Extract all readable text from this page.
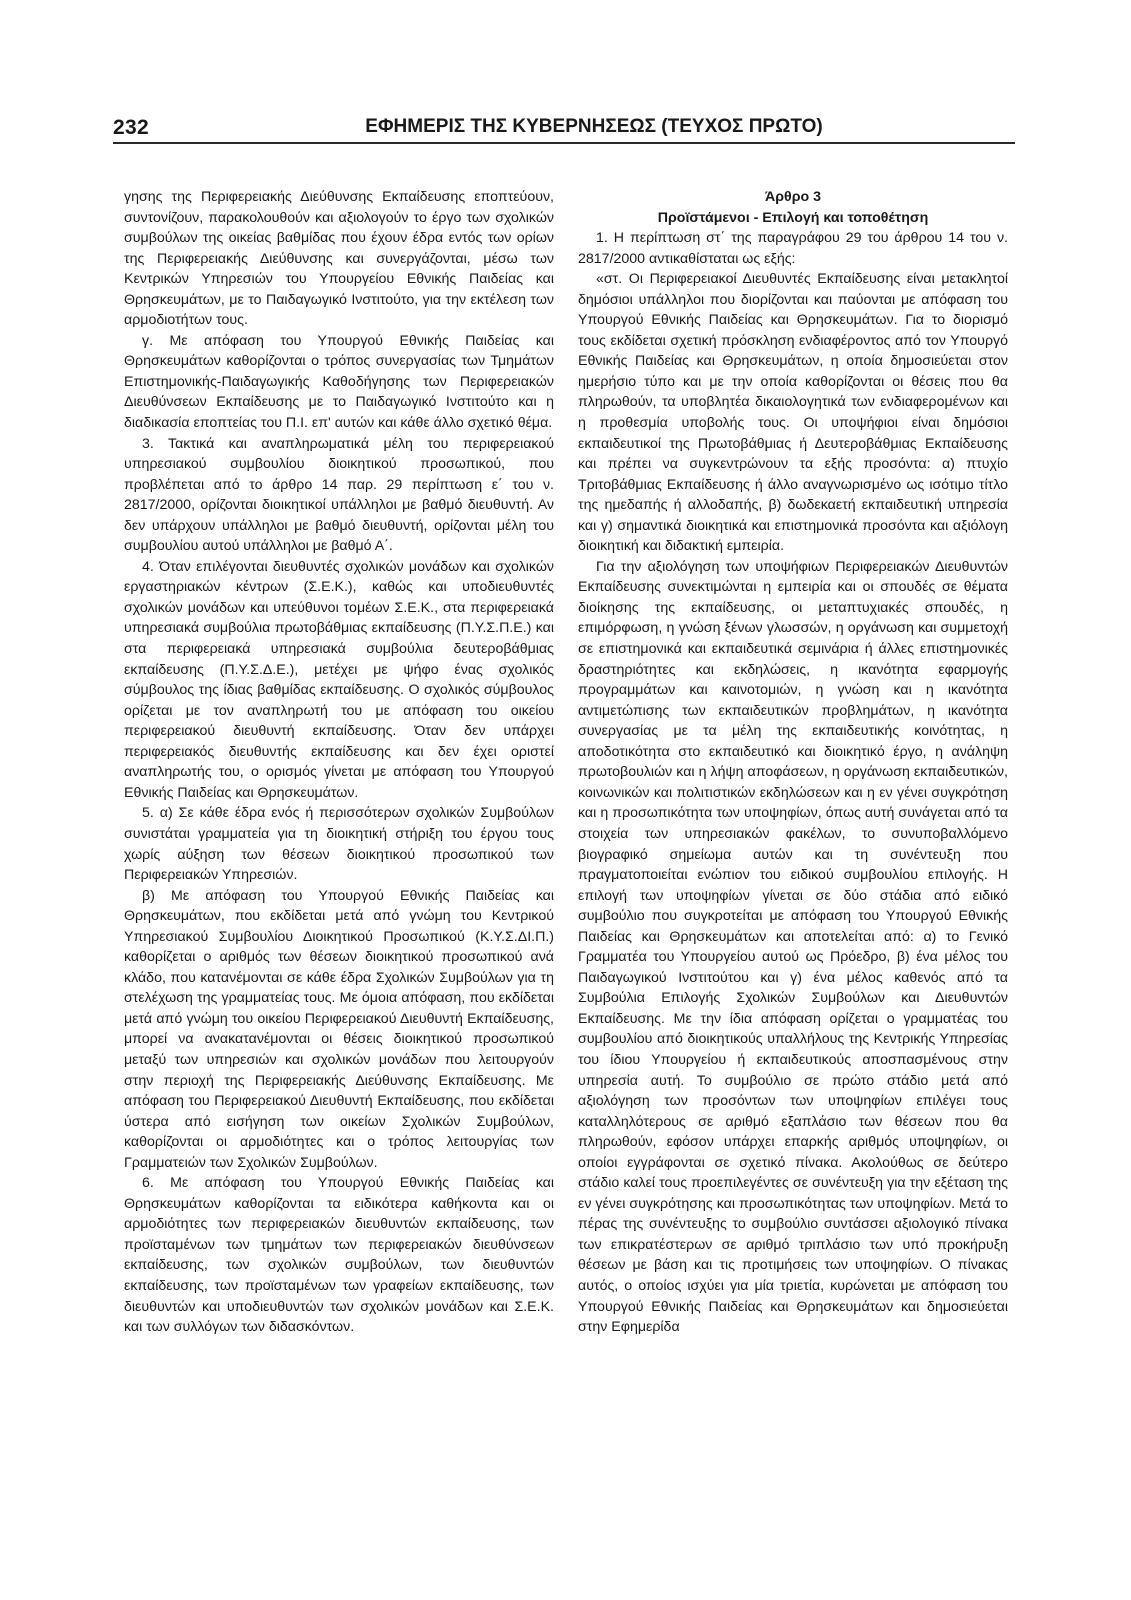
232	ΕΦΗΜΕΡΙΣ ΤΗΣ ΚΥΒΕΡΝΗΣΕΩΣ (ΤΕΥΧΟΣ ΠΡΩΤΟ)

γησης της Περιφερειακής Διεύθυνσης Εκπαίδευσης εποπτεύουν, συντονίζουν, παρακολουθούν και αξιολογούν το έργο των σχολικών συμβούλων της οικείας βαθμίδας που έχουν έδρα εντός των ορίων της Περιφερειακής Διεύθυνσης και συνεργάζονται, μέσω των Κεντρικών Υπηρεσιών του Υπουργείου Εθνικής Παιδείας και Θρησκευμάτων, με το Παιδαγωγικό Ινστιτούτο, για την εκτέλεση των αρμοδιοτήτων τους.

γ. Με απόφαση του Υπουργού Εθνικής Παιδείας και Θρησκευμάτων καθορίζονται ο τρόπος συνεργασίας των Τμημάτων Επιστημονικής-Παιδαγωγικής Καθοδήγησης των Περιφερειακών Διευθύνσεων Εκπαίδευσης με το Παιδαγωγικό Ινστιτούτο και η διαδικασία εποπτείας του Π.Ι. επ' αυτών και κάθε άλλο σχετικό θέμα.

3. Τακτικά και αναπληρωματικά μέλη του περιφερειακού υπηρεσιακού συμβουλίου διοικητικού προσωπικού, που προβλέπεται από το άρθρο 14 παρ. 29 περίπτωση ε΄ του ν. 2817/2000, ορίζονται διοικητικοί υπάλληλοι με βαθμό διευθυντή. Αν δεν υπάρχουν υπάλληλοι με βαθμό διευθυντή, ορίζονται μέλη του συμβουλίου αυτού υπάλληλοι με βαθμό Α΄.

4. Όταν επιλέγονται διευθυντές σχολικών μονάδων και σχολικών εργαστηριακών κέντρων (Σ.Ε.Κ.), καθώς και υποδιευθυντές σχολικών μονάδων και υπεύθυνοι τομέων Σ.Ε.Κ., στα περιφερειακά υπηρεσιακά συμβούλια πρωτοβάθμιας εκπαίδευσης (Π.Υ.Σ.Π.Ε.) και στα περιφερειακά υπηρεσιακά συμβούλια δευτεροβάθμιας εκπαίδευσης (Π.Υ.Σ.Δ.Ε.), μετέχει με ψήφο ένας σχολικός σύμβουλος της ίδιας βαθμίδας εκπαίδευσης. Ο σχολικός σύμβουλος ορίζεται με τον αναπληρωτή του με απόφαση του οικείου περιφερειακού διευθυντή εκπαίδευσης. Όταν δεν υπάρχει περιφερειακός διευθυντής εκπαίδευσης και δεν έχει οριστεί αναπληρωτής του, ο ορισμός γίνεται με απόφαση του Υπουργού Εθνικής Παιδείας και Θρησκευμάτων.

5. α) Σε κάθε έδρα ενός ή περισσότερων σχολικών Συμβούλων συνιστάται γραμματεία για τη διοικητική στήριξη του έργου τους χωρίς αύξηση των θέσεων διοικητικού προσωπικού των Περιφερειακών Υπηρεσιών.

β) Με απόφαση του Υπουργού Εθνικής Παιδείας και Θρησκευμάτων, που εκδίδεται μετά από γνώμη του Κεντρικού Υπηρεσιακού Συμβουλίου Διοικητικού Προσωπικού (Κ.Υ.Σ.ΔΙ.Π.) καθορίζεται ο αριθμός των θέσεων διοικητικού προσωπικού ανά κλάδο, που κατανέμονται σε κάθε έδρα Σχολικών Συμβούλων για τη στελέχωση της γραμματείας τους. Με όμοια απόφαση, που εκδίδεται μετά από γνώμη του οικείου Περιφερειακού Διευθυντή Εκπαίδευσης, μπορεί να ανακατανέμονται οι θέσεις διοικητικού προσωπικού μεταξύ των υπηρεσιών και σχολικών μονάδων που λειτουργούν στην περιοχή της Περιφερειακής Διεύθυνσης Εκπαίδευσης. Με απόφαση του Περιφερειακού Διευθυντή Εκπαίδευσης, που εκδίδεται ύστερα από εισήγηση των οικείων Σχολικών Συμβούλων, καθορίζονται οι αρμοδιότητες και ο τρόπος λειτουργίας των Γραμματειών των Σχολικών Συμβούλων.

6. Με απόφαση του Υπουργού Εθνικής Παιδείας και Θρησκευμάτων καθορίζονται τα ειδικότερα καθήκοντα και οι αρμοδιότητες των περιφερειακών διευθυντών εκπαίδευσης, των προϊσταμένων των τμημάτων των περιφερειακών διευθύνσεων εκπαίδευσης, των σχολικών συμβούλων, των διευθυντών εκπαίδευσης, των προϊσταμένων των γραφείων εκπαίδευσης, των διευθυντών και υποδιευθυντών των σχολικών μονάδων και Σ.Ε.Κ. και των συλλόγων των διδασκόντων.

Άρθρο 3

Προϊστάμενοι - Επιλογή και τοποθέτηση

1. Η περίπτωση στ΄ της παραγράφου 29 του άρθρου 14 του ν. 2817/2000 αντικαθίσταται ως εξής:

«στ. Οι Περιφερειακοί Διευθυντές Εκπαίδευσης είναι μετακλητοί δημόσιοι υπάλληλοι που διορίζονται και παύονται με απόφαση του Υπουργού Εθνικής Παιδείας και Θρησκευμάτων. Για το διορισμό τους εκδίδεται σχετική πρόσκληση ενδιαφέροντος από τον Υπουργό Εθνικής Παιδείας και Θρησκευμάτων, η οποία δημοσιεύεται στον ημερήσιο τύπο και με την οποία καθορίζονται οι θέσεις που θα πληρωθούν, τα υποβλητέα δικαιολογητικά των ενδιαφερομένων και η προθεσμία υποβολής τους. Οι υποψήφιοι είναι δημόσιοι εκπαιδευτικοί της Πρωτοβάθμιας ή Δευτεροβάθμιας Εκπαίδευσης και πρέπει να συγκεντρώνουν τα εξής προσόντα: α) πτυχίο Τριτοβάθμιας Εκπαίδευσης ή άλλο αναγνωρισμένο ως ισότιμο τίτλο της ημεδαπής ή αλλοδαπής, β) δωδεκαετή εκπαιδευτική υπηρεσία και γ) σημαντικά διοικητικά και επιστημονικά προσόντα και αξιόλογη διοικητική και διδακτική εμπειρία.

Για την αξιολόγηση των υποψήφιων Περιφερειακών Διευθυντών Εκπαίδευσης συνεκτιμώνται η εμπειρία και οι σπουδές σε θέματα διοίκησης της εκπαίδευσης, οι μεταπτυχιακές σπουδές, η επιμόρφωση, η γνώση ξένων γλωσσών, η οργάνωση και συμμετοχή σε επιστημονικά και εκπαιδευτικά σεμινάρια ή άλλες επιστημονικές δραστηριότητες και εκδηλώσεις, η ικανότητα εφαρμογής προγραμμάτων και καινοτομιών, η γνώση και η ικανότητα αντιμετώπισης των εκπαιδευτικών προβλημάτων, η ικανότητα συνεργασίας με τα μέλη της εκπαιδευτικής κοινότητας, η αποδοτικότητα στο εκπαιδευτικό και διοικητικό έργο, η ανάληψη πρωτοβουλιών και η λήψη αποφάσεων, η οργάνωση εκπαιδευτικών, κοινωνικών και πολιτιστικών εκδηλώσεων και η εν γένει συγκρότηση και η προσωπικότητα των υποψηφίων, όπως αυτή συνάγεται από τα στοιχεία των υπηρεσιακών φακέλων, το συνυποβαλλόμενο βιογραφικό σημείωμα αυτών και τη συνέντευξη που πραγματοποιείται ενώπιον του ειδικού συμβουλίου επιλογής. Η επιλογή των υποψηφίων γίνεται σε δύο στάδια από ειδικό συμβούλιο που συγκροτείται με απόφαση του Υπουργού Εθνικής Παιδείας και Θρησκευμάτων και αποτελείται από: α) το Γενικό Γραμματέα του Υπουργείου αυτού ως Πρόεδρο, β) ένα μέλος του Παιδαγωγικού Ινστιτούτου και γ) ένα μέλος καθενός από τα Συμβούλια Επιλογής Σχολικών Συμβούλων και Διευθυντών Εκπαίδευσης. Με την ίδια απόφαση ορίζεται ο γραμματέας του συμβουλίου από διοικητικούς υπαλλήλους της Κεντρικής Υπηρεσίας του ίδιου Υπουργείου ή εκπαιδευτικούς αποσπασμένους στην υπηρεσία αυτή. Το συμβούλιο σε πρώτο στάδιο μετά από αξιολόγηση των προσόντων των υποψηφίων επιλέγει τους καταλληλότερους σε αριθμό εξαπλάσιο των θέσεων που θα πληρωθούν, εφόσον υπάρχει επαρκής αριθμός υποψηφίων, οι οποίοι εγγράφονται σε σχετικό πίνακα. Ακολούθως σε δεύτερο στάδιο καλεί τους προεπιλεγέντες σε συνέντευξη για την εξέταση της εν γένει συγκρότησης και προσωπικότητας των υποψηφίων. Μετά το πέρας της συνέντευξης το συμβούλιο συντάσσει αξιολογικό πίνακα των επικρατέστερων σε αριθμό τριπλάσιο των υπό προκήρυξη θέσεων με βάση και τις προτιμήσεις των υποψηφίων. Ο πίνακας αυτός, ο οποίος ισχύει για μία τριετία, κυρώνεται με απόφαση του Υπουργού Εθνικής Παιδείας και Θρησκευμάτων και δημοσιεύεται στην Εφημερίδα
